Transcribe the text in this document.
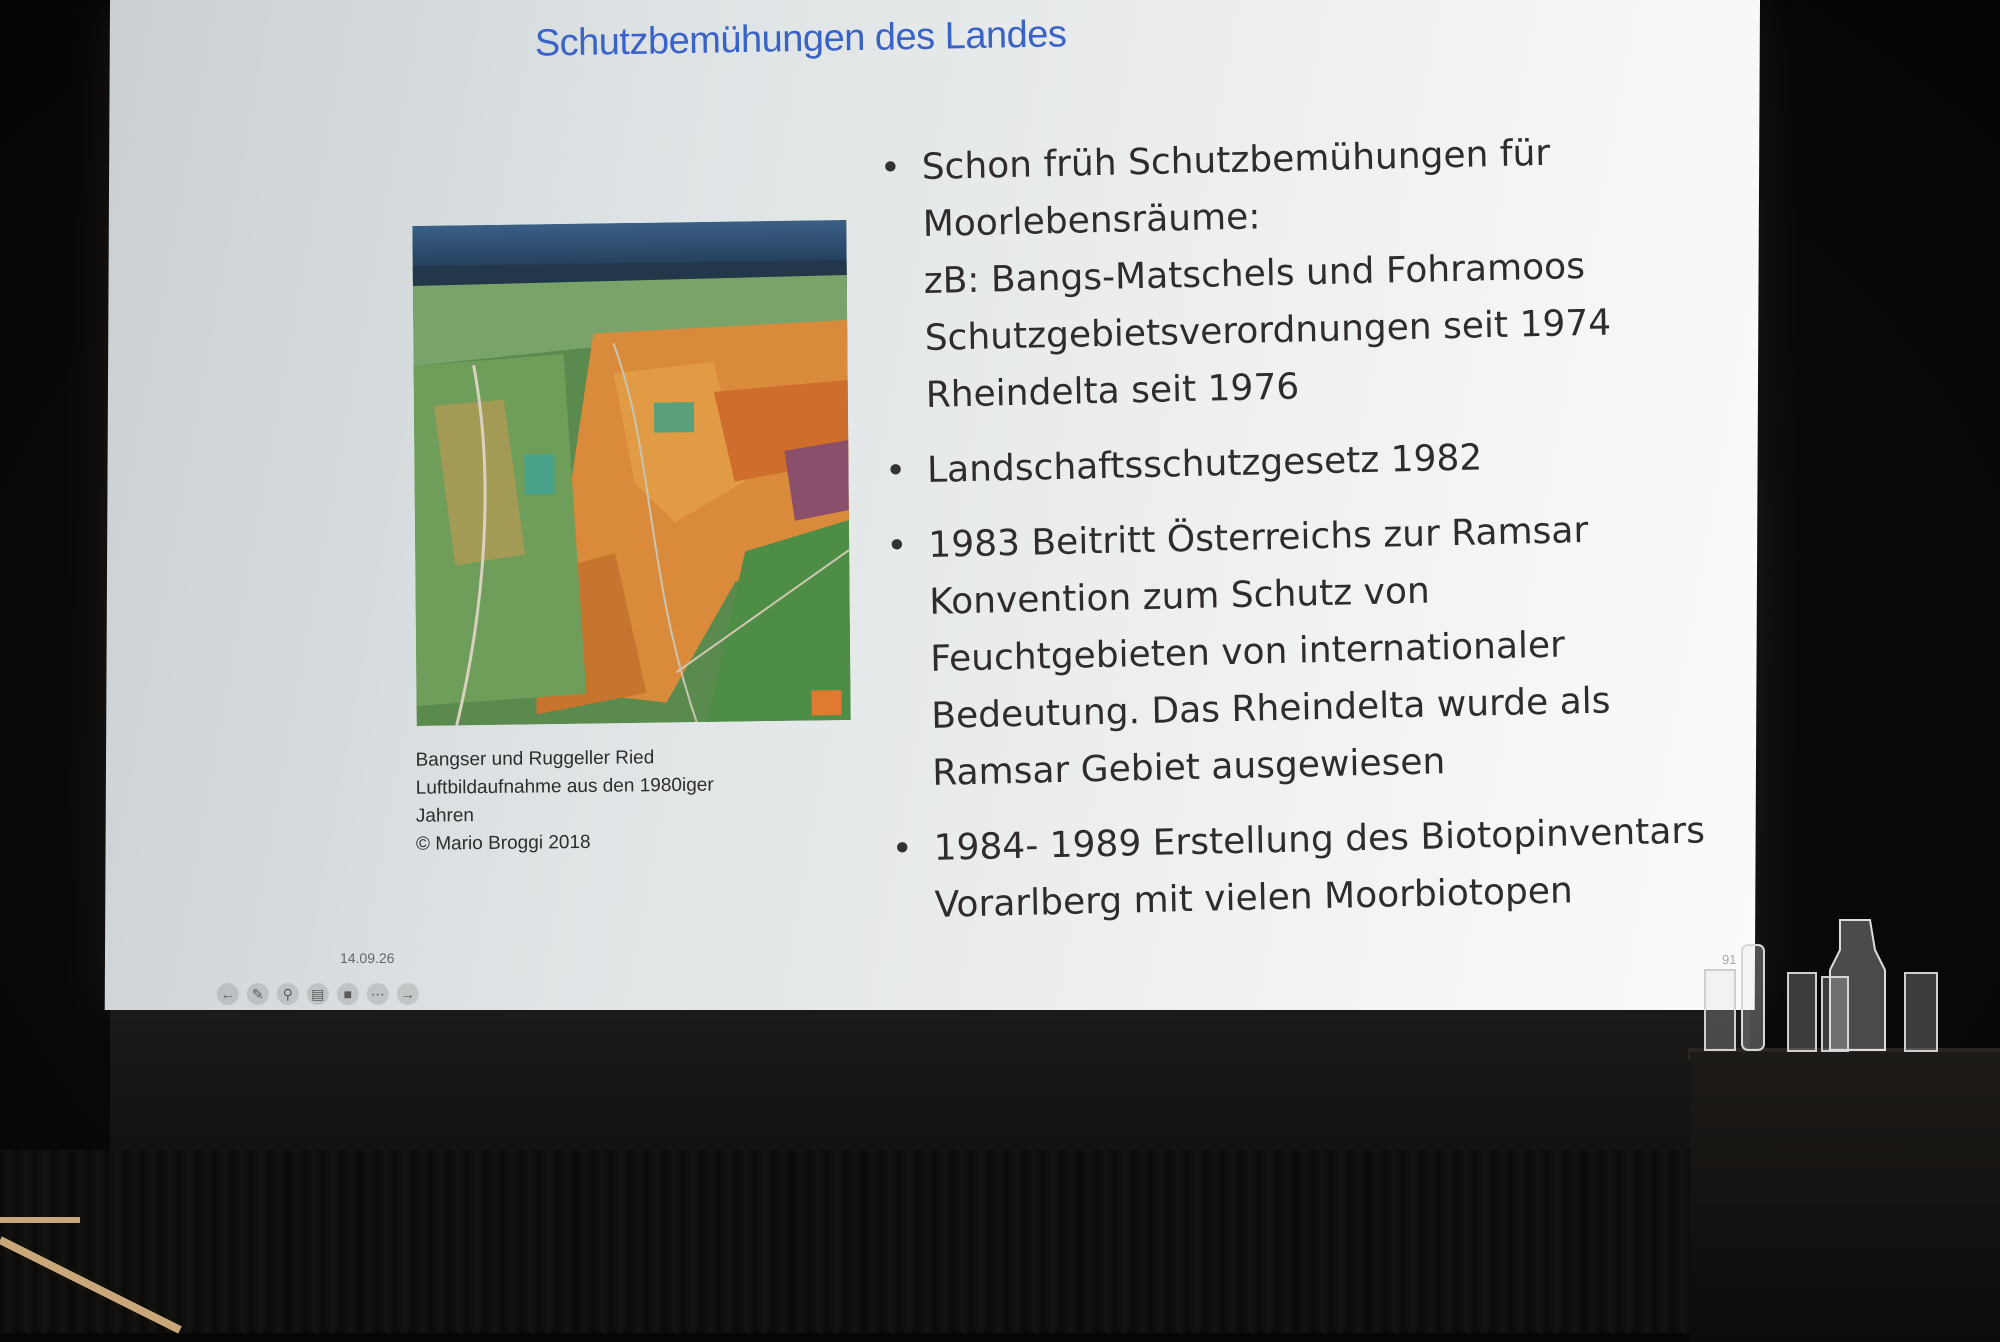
Schutzbemühungen des Landes
Bangser und Ruggeller Ried
Luftbildaufnahme aus den 1980iger
Jahren
© Mario Broggi 2018
• Schon früh Schutzbemühungen für
Moorlebensräume:
zB: Bangs-Matschels und Fohramoos
Schutzgebietsverordnungen seit 1974
Rheindelta seit 1976
• Landschaftsschutzgesetz 1982
• 1983 Beitritt Österreichs zur Ramsar
Konvention zum Schutz von
Feuchtgebieten von internationaler
Bedeutung. Das Rheindelta wurde als
Ramsar Gebiet ausgewiesen
• 1984- 1989 Erstellung des Biotopinventars
Vorarlberg mit vielen Moorbiotopen
14.09.26	91
←	✎	⚲	▤	■	⋯ →
